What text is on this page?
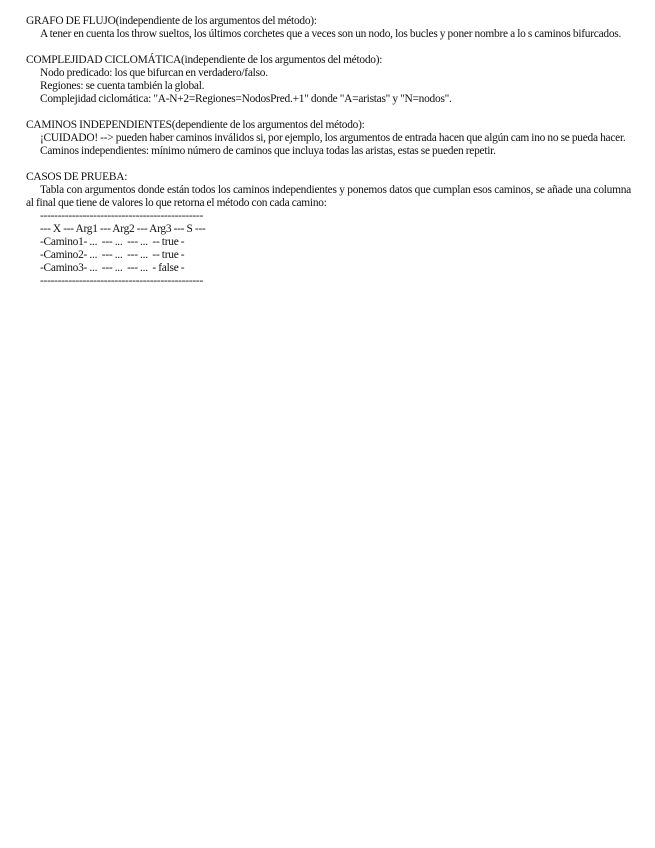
GRAFO DE FLUJO(independiente de los argumentos del método):
A tener en cuenta los throw sueltos, los últimos corchetes que a veces son un nodo, los bucles y poner nombre a lo s caminos bifurcados.
COMPLEJIDAD CICLOMÁTICA(independiente de los argumentos del método):
Nodo predicado: los que bifurcan en verdadero/falso.
Regiones: se cuenta también la global.
Complejidad ciclomática: "A-N+2=Regiones=NodosPred.+1" donde "A=aristas" y "N=nodos".
CAMINOS INDEPENDIENTES(dependiente de los argumentos del método):
¡CUIDADO! --> pueden haber caminos inválidos si, por ejemplo, los argumentos de entrada hacen que algún cam ino no se pueda hacer.
Caminos independientes: mínimo número de caminos que incluya todas las aristas, estas se pueden repetir.
CASOS DE PRUEBA:
Tabla con argumentos donde están todos los caminos independientes y ponemos datos que cumplan esos caminos, se añade una columna al final que tiene de valores lo que retorna el método con cada camino:
----------------------------------------------
--- X --- Arg1 --- Arg2 --- Arg3 --- S ---
-Camino1- ...  --- ...  --- ...  -- true -
-Camino2- ...  --- ...  --- ...  -- true -
-Camino3- ...  --- ...  --- ...  - false -
----------------------------------------------
